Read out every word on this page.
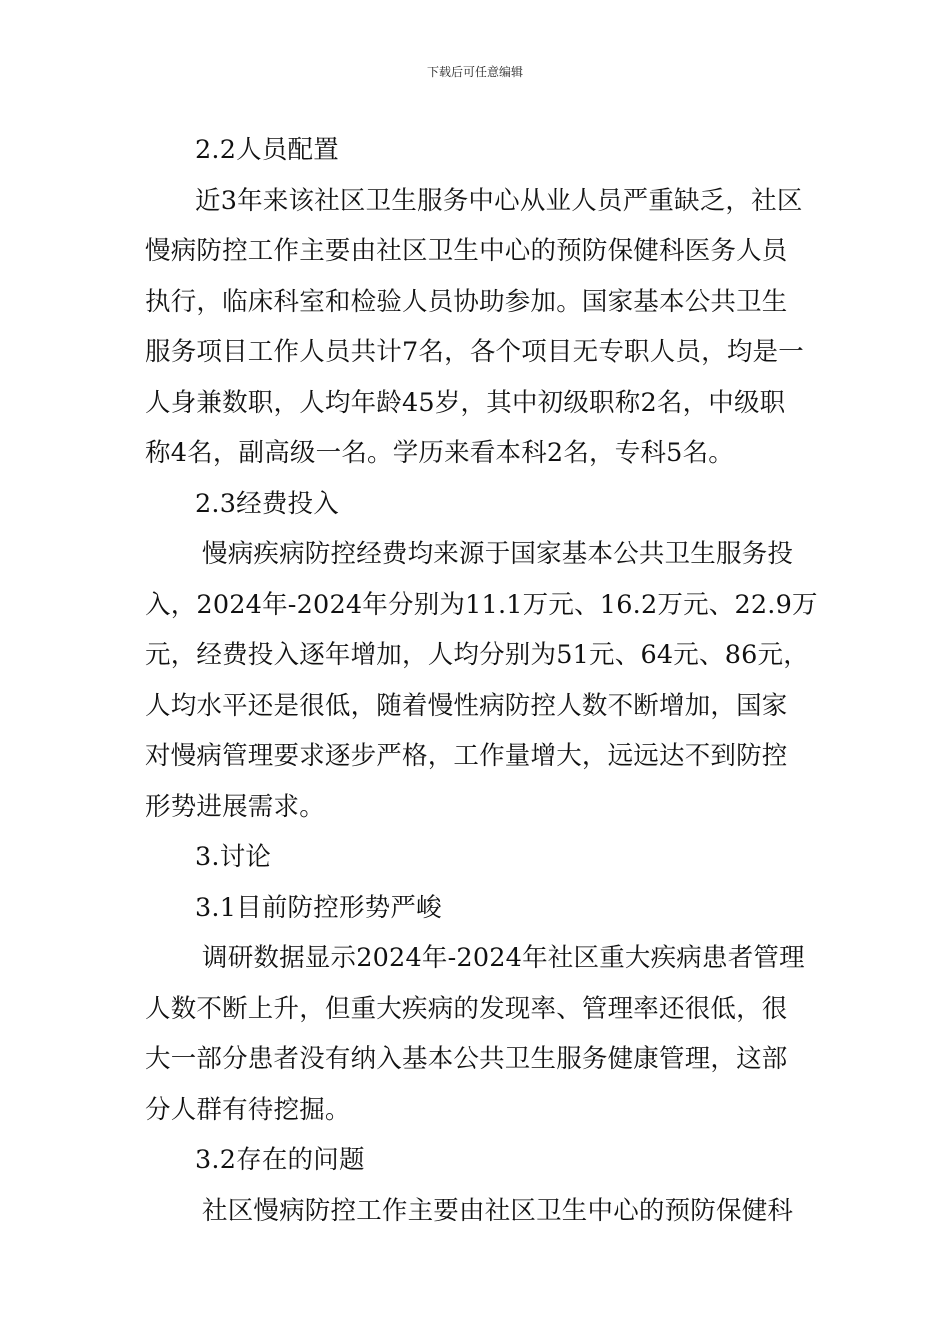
下载后可任意编辑
2.2人员配置
近3年来该社区卫生服务中心从业人员严重缺乏，社区
慢病防控工作主要由社区卫生中心的预防保健科医务人员
执行，临床科室和检验人员协助参加。国家基本公共卫生
服务项目工作人员共计7名，各个项目无专职人员，均是一
人身兼数职，人均年龄45岁，其中初级职称2名，中级职
称4名，副高级一名。学历来看本科2名，专科5名。
2.3经费投入
慢病疾病防控经费均来源于国家基本公共卫生服务投
入，2024年-2024年分别为11.1万元、16.2万元、22.9万
元，经费投入逐年增加，人均分别为51元、64元、86元，
人均水平还是很低，随着慢性病防控人数不断增加，国家
对慢病管理要求逐步严格，工作量增大，远远达不到防控
形势进展需求。
3.讨论
3.1目前防控形势严峻
调研数据显示2024年-2024年社区重大疾病患者管理
人数不断上升，但重大疾病的发现率、管理率还很低，很
大一部分患者没有纳入基本公共卫生服务健康管理，这部
分人群有待挖掘。
3.2存在的问题
社区慢病防控工作主要由社区卫生中心的预防保健科
